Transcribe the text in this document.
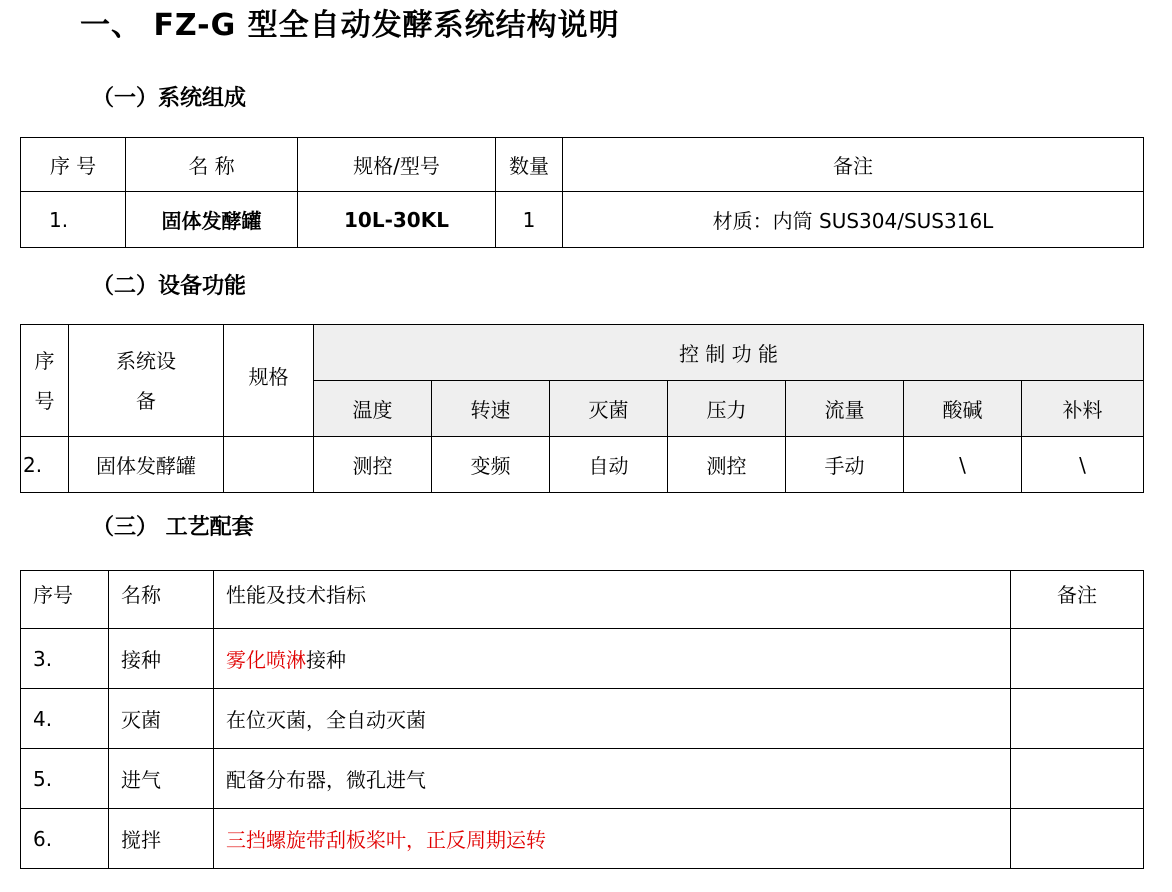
一、 FZ-G 型全自动发酵系统结构说明
（一）系统组成
序 号	名 称	规格/型号	数量	备注
1.	固体发酵罐	10L-30KL	1	材质：内筒 SUS304/SUS316L
（二）设备功能
序号	系统设备	规格	控 制 功 能						
			温度	转速	灭菌	压力	流量	酸碱	补料
2.	固体发酵罐		测控	变频	自动	测控	手动	\	\
（三） 工艺配套
序号	名称	性能及技术指标	备注
3.	接种	雾化喷淋接种	
4.	灭菌	在位灭菌，全自动灭菌	
5.	进气	配备分布器，微孔进气	
6.	搅拌	三挡螺旋带刮板桨叶，正反周期运转	
